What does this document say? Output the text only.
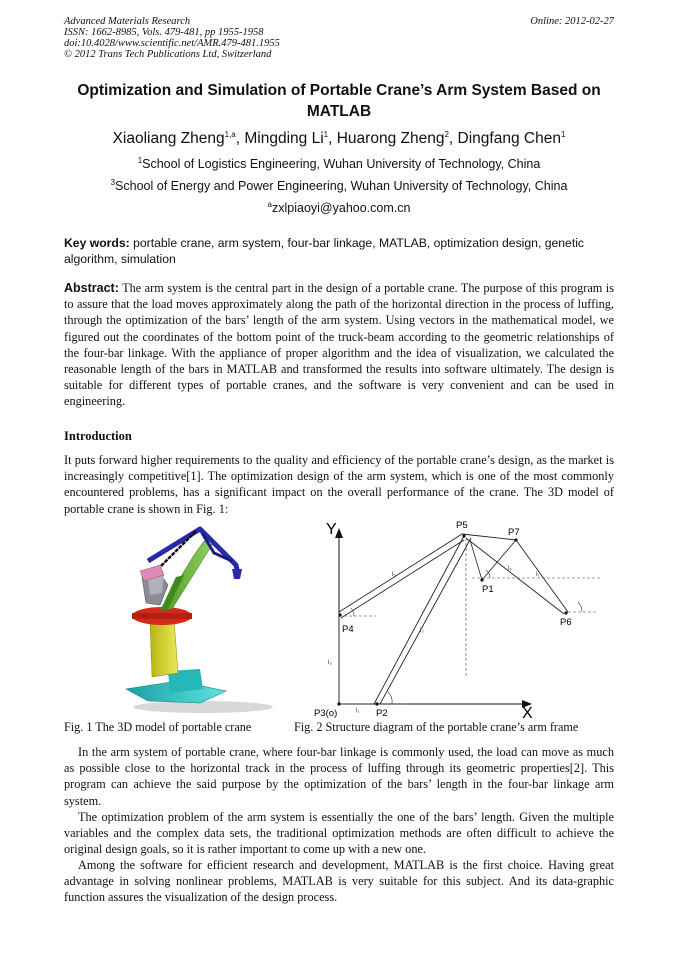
Advanced Materials Research
ISSN: 1662-8985, Vols. 479-481, pp 1955-1958
doi:10.4028/www.scientific.net/AMR.479-481.1955
© 2012 Trans Tech Publications Ltd, Switzerland
Online: 2012-02-27
Optimization and Simulation of Portable Crane’s Arm System Based on MATLAB
Xiaoliang Zheng$^{1,a}$, Mingding Li$^1$, Huarong Zheng$^2$, Dingfang Chen$^1$
$^1$School of Logistics Engineering, Wuhan University of Technology, China
$^3$School of Energy and Power Engineering, Wuhan University of Technology, China
$^a$zxlpiaoyi@yahoo.com.cn
Key words: portable crane, arm system, four-bar linkage, MATLAB, optimization design, genetic algorithm, simulation
Abstract: The arm system is the central part in the design of a portable crane. The purpose of this program is to assure that the load moves approximately along the path of the horizontal direction in the process of luffing, through the optimization of the bars’ length of the arm system. Using vectors in the mathematical model, we figured out the coordinates of the bottom point of the truck-beam according to the geometric relationships of the four-bar linkage. With the appliance of proper algorithm and the idea of visualization, we calculated the reasonable length of the bars in MATLAB and transformed the results into software ultimately. The design is suitable for different types of portable cranes, and the software is very convenient and can be used in engineering.
Introduction
It puts forward higher requirements to the quality and efficiency of the portable crane’s design, as the market is increasingly competitive[1]. The optimization design of the arm system, which is one of the most commonly encountered problems, has a significant impact on the overall performance of the crane. The 3D model of portable crane is shown in Fig. 1:
Y
X
l₅
l₂
l₃
l₁
l₆
l₇
P5
P7
P1
P4
P6
P3(o)	P2
Fig. 1 The 3D model of portable crane	Fig. 2 Structure diagram of the portable crane’s arm frame
In the arm system of portable crane, where four-bar linkage is commonly used, the load can move as much as possible close to the horizontal track in the process of luffing through its geometric properties[2]. This program can achieve the said purpose by the optimization of the bars’ length in the four-bar linkage arm system.
The optimization problem of the arm system is essentially the one of the bars’ length. Given the multiple variables and the complex data sets, the traditional optimization methods are often difficult to achieve the original design goals, so it is rather important to come up with a new one.
Among the software for efficient research and development, MATLAB is the first choice. Having great advantage in solving nonlinear problems, MATLAB is very suitable for this subject. And its data-graphic function assures the visualization of the design process.
